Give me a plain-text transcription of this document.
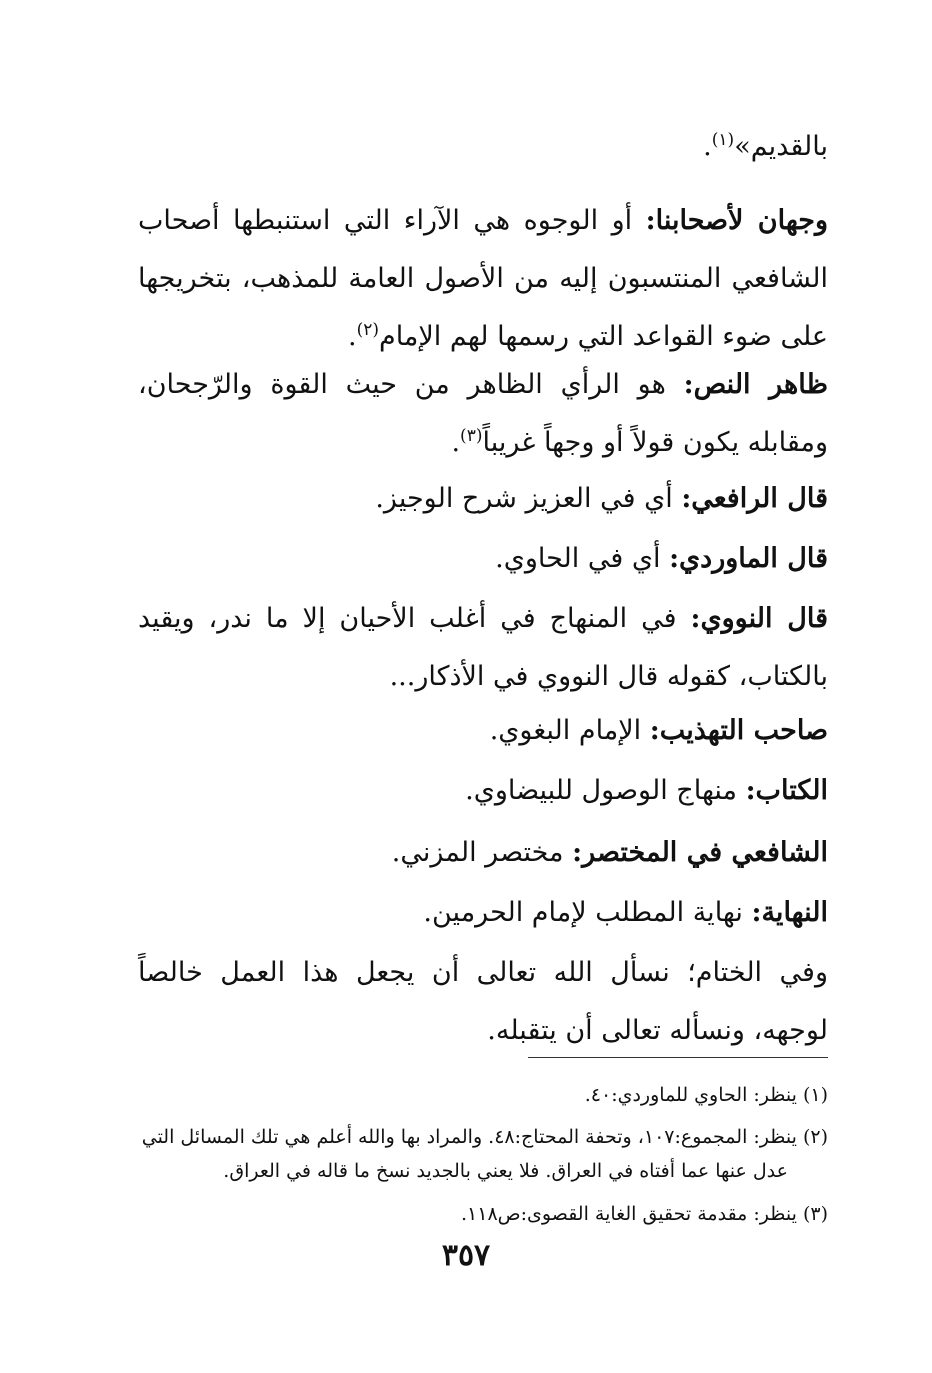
بالقديم»$^{(١)}$.
وجهان لأصحابنا: أو الوجوه هي الآراء التي استنبطها أصحاب الشافعي المنتسبون إليه من الأصول العامة للمذهب، بتخريجها على ضوء القواعد التي رسمها لهم الإمام$^{(٢)}$.
ظاهر النص: هو الرأي الظاهر من حيث القوة والرّجحان، ومقابله يكون قولاً أو وجهاً غريباً$^{(٣)}$.
قال الرافعي: أي في العزيز شرح الوجيز.
قال الماوردي: أي في الحاوي.
قال النووي: في المنهاج في أغلب الأحيان إلا ما ندر، ويقيد بالكتاب، كقوله قال النووي في الأذكار...
صاحب التهذيب: الإمام البغوي.
الكتاب: منهاج الوصول للبيضاوي.
الشافعي في المختصر: مختصر المزني.
النهاية: نهاية المطلب لإمام الحرمين.
وفي الختام؛ نسأل الله تعالى أن يجعل هذا العمل خالصاً لوجهه، ونسأله تعالى أن يتقبله.
(١) ينظر: الحاوي للماوردي:٤٠.
(٢) ينظر: المجموع:١٠٧، وتحفة المحتاج:٤٨. والمراد بها والله أعلم هي تلك المسائل التي
عدل عنها عما أفتاه في العراق. فلا يعني بالجديد نسخ ما قاله في العراق.
(٣) ينظر: مقدمة تحقيق الغاية القصوى:ص١١٨.
٣٥٧
